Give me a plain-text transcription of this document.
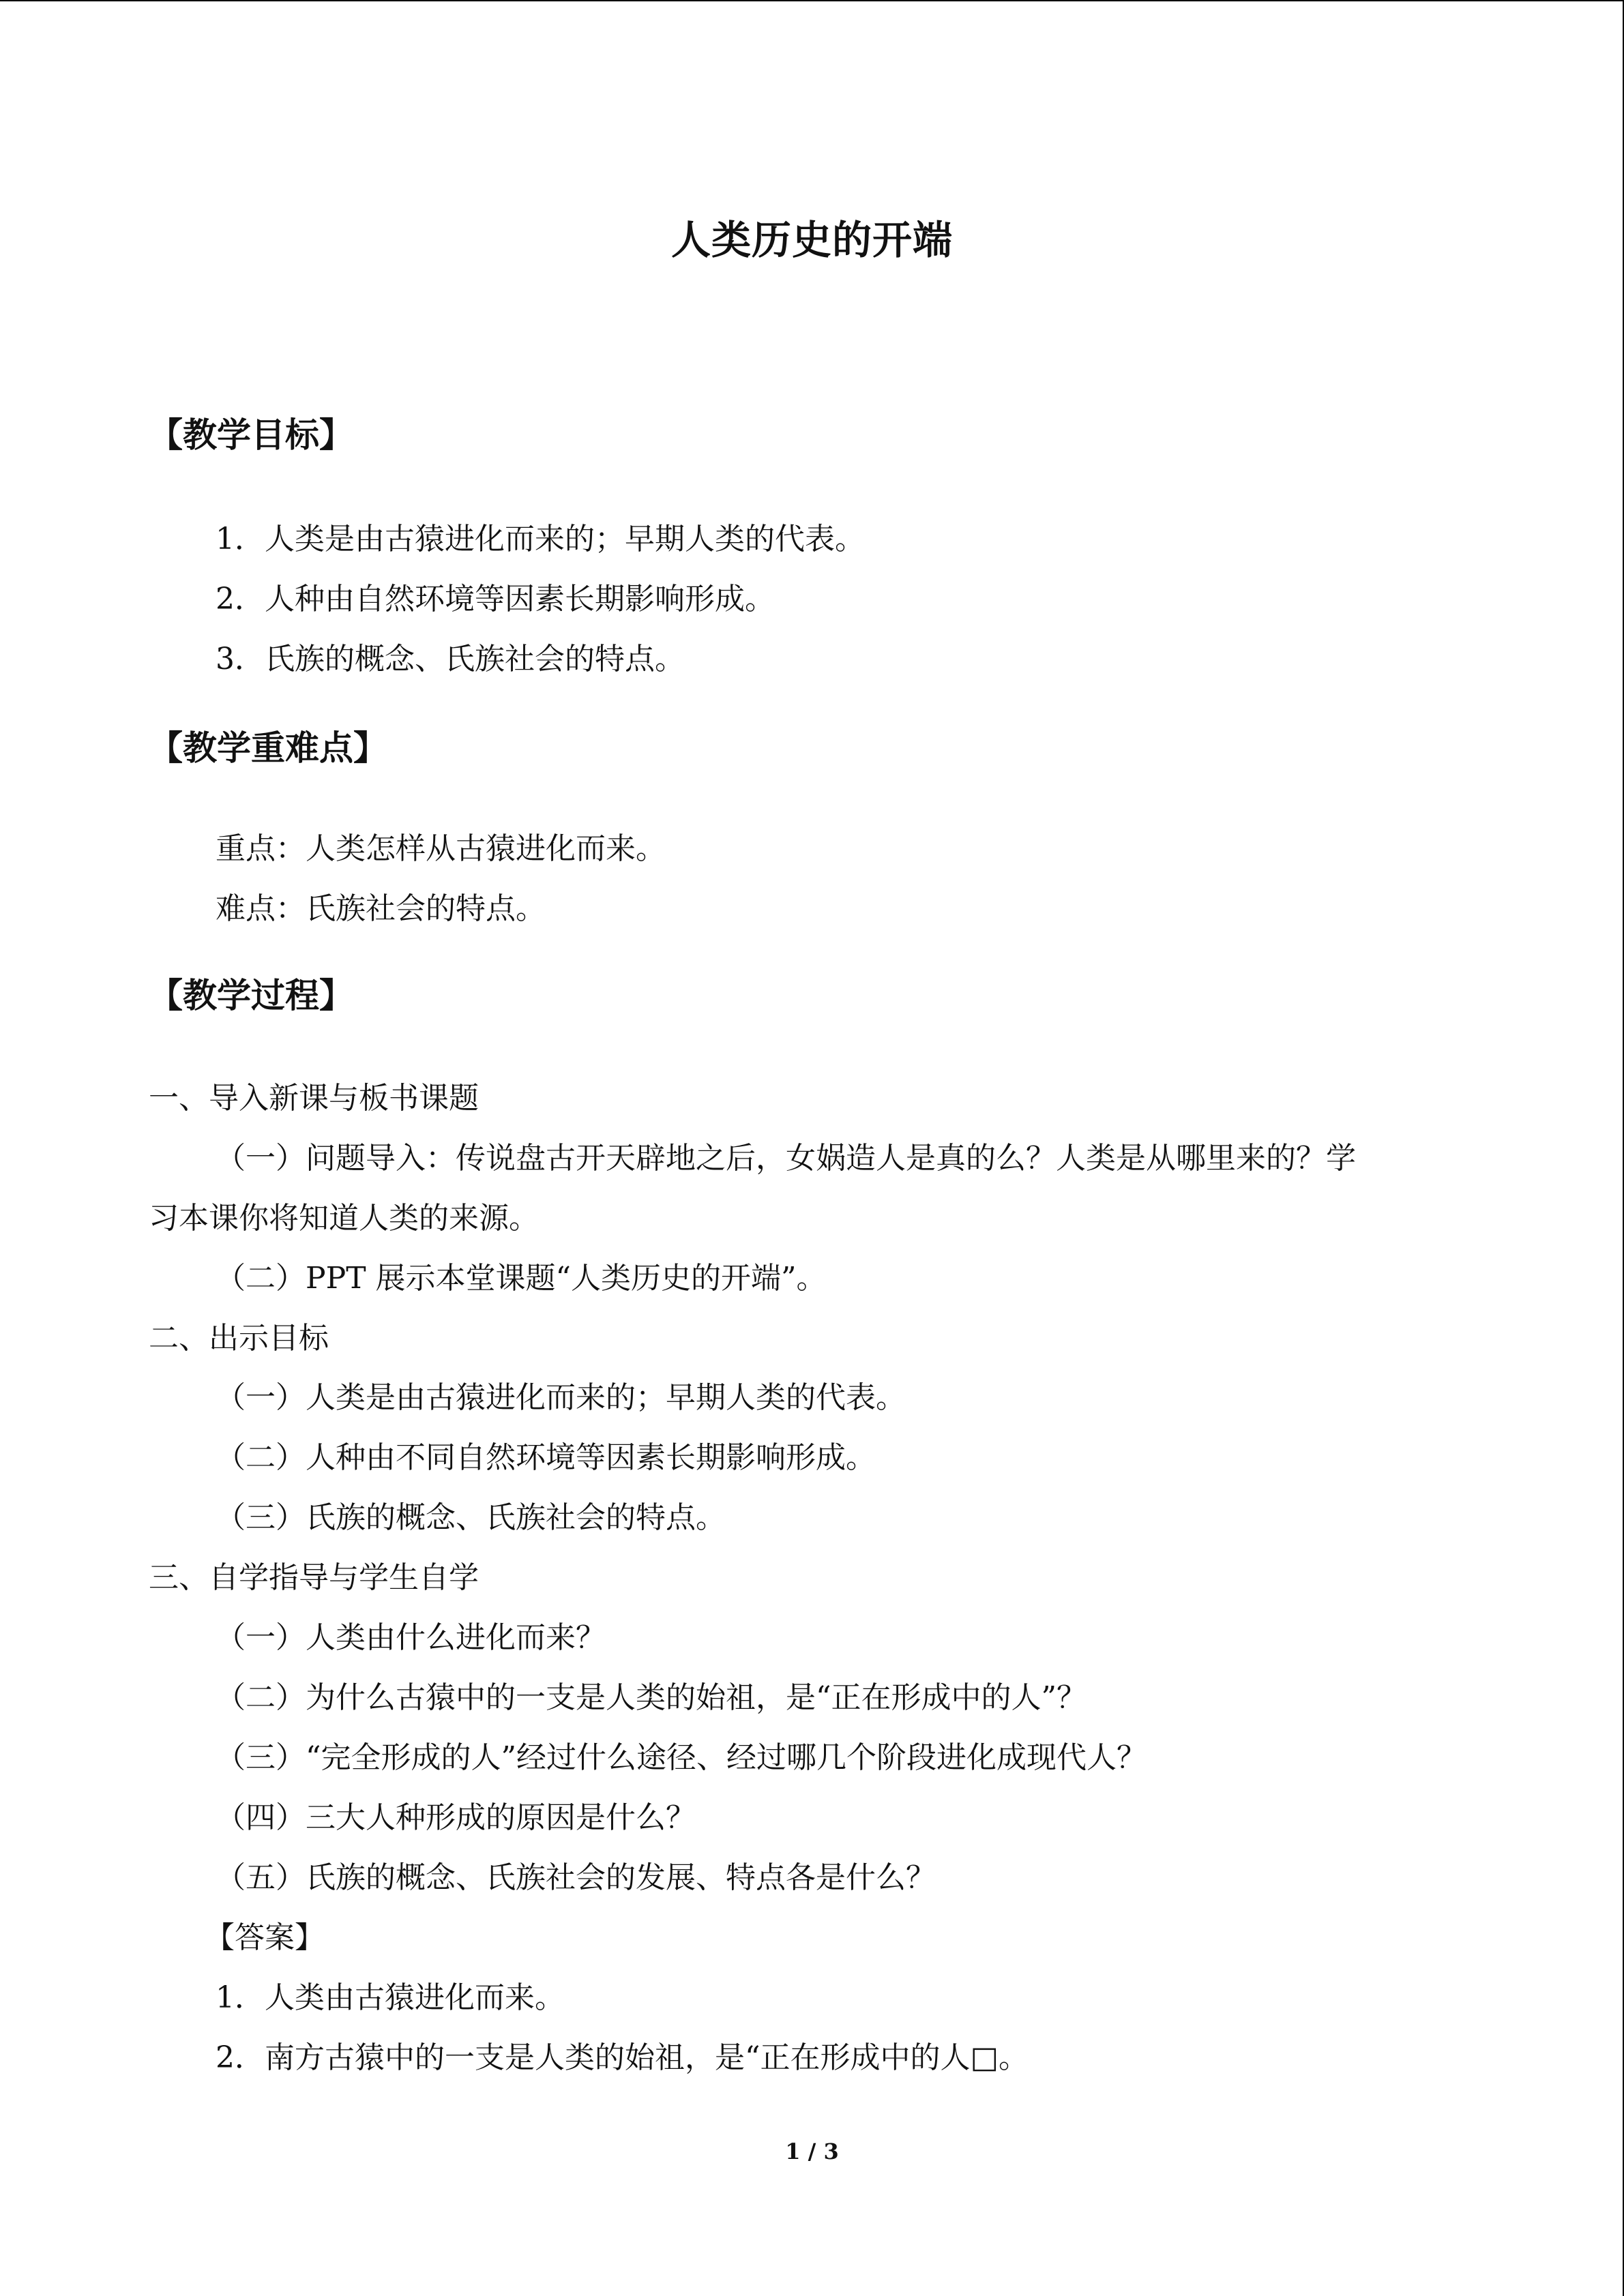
人类历史的开端
【教学目标】
1．人类是由古猿进化而来的；早期人类的代表。
2．人种由自然环境等因素长期影响形成。
3．氏族的概念、氏族社会的特点。
【教学重难点】
重点：人类怎样从古猿进化而来。
难点：氏族社会的特点。
【教学过程】
一、导入新课与板书课题
（一）问题导入：传说盘古开天辟地之后，女娲造人是真的么？人类是从哪里来的？学
习本课你将知道人类的来源。
（二）PPT 展示本堂课题“人类历史的开端”。
二、出示目标
（一）人类是由古猿进化而来的；早期人类的代表。
（二）人种由不同自然环境等因素长期影响形成。
（三）氏族的概念、氏族社会的特点。
三、自学指导与学生自学
（一）人类由什么进化而来？
（二）为什么古猿中的一支是人类的始祖，是“正在形成中的人”？
（三）“完全形成的人”经过什么途径、经过哪几个阶段进化成现代人？
（四）三大人种形成的原因是什么？
（五）氏族的概念、氏族社会的发展、特点各是什么？
【答案】
1．人类由古猿进化而来。
2．南方古猿中的一支是人类的始祖，是“正在形成中的人□。
1 / 3
